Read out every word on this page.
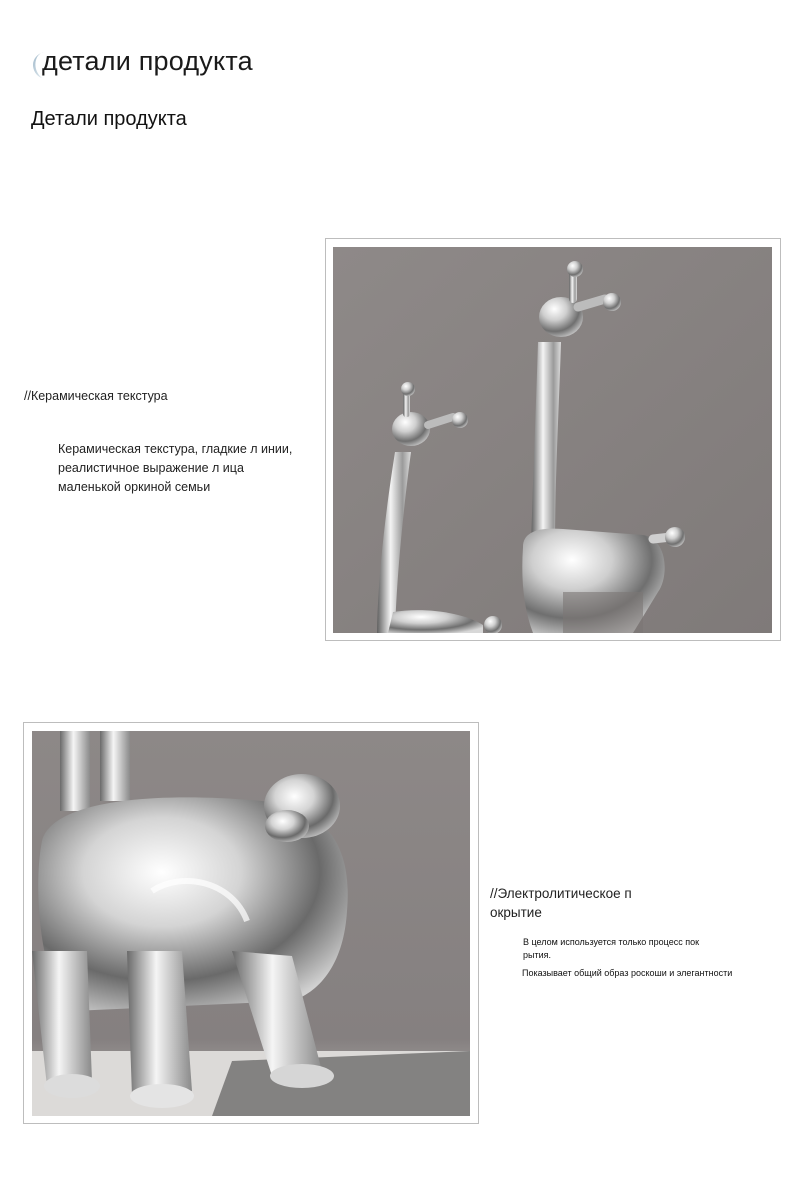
детали продукта
Детали продукта
//Керамическая текстура
Керамическая текстура, гладкие л инии, реалистичное выражение л ица маленькой оркиной семьи
//Электролитическое п окрытие
В целом используется только процесс пок рытия.
Показывает общий образ роскоши и элегантности
